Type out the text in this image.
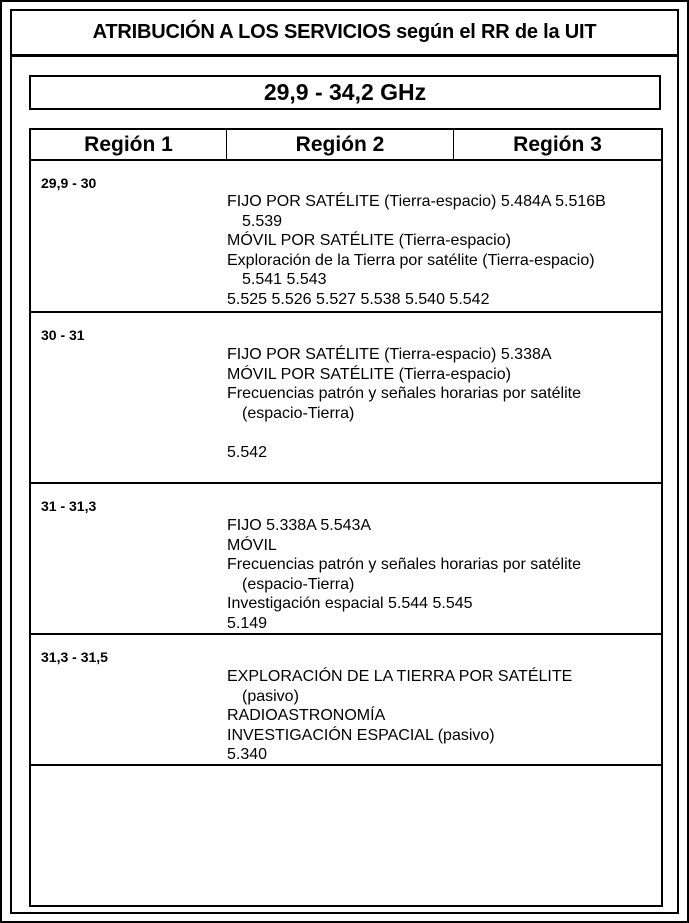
ATRIBUCIÓN A LOS SERVICIOS según el RR de la UIT
29,9 - 34,2 GHz
Región 1	Región 2	Región 3
29,9 - 30
FIJO POR SATÉLITE (Tierra-espacio) 5.484A 5.516B
5.539
MÓVIL POR SATÉLITE (Tierra-espacio)
Exploración de la Tierra por satélite (Tierra-espacio)
5.541 5.543
5.525 5.526 5.527 5.538 5.540 5.542
30 - 31
FIJO POR SATÉLITE (Tierra-espacio) 5.338A
MÓVIL POR SATÉLITE (Tierra-espacio)
Frecuencias patrón y señales horarias por satélite
(espacio-Tierra)
5.542
31 - 31,3
FIJO 5.338A 5.543A
MÓVIL
Frecuencias patrón y señales horarias por satélite
(espacio-Tierra)
Investigación espacial 5.544 5.545
5.149
31,3 - 31,5
EXPLORACIÓN DE LA TIERRA POR SATÉLITE
(pasivo)
RADIOASTRONOMÍA
INVESTIGACIÓN ESPACIAL (pasivo)
5.340
